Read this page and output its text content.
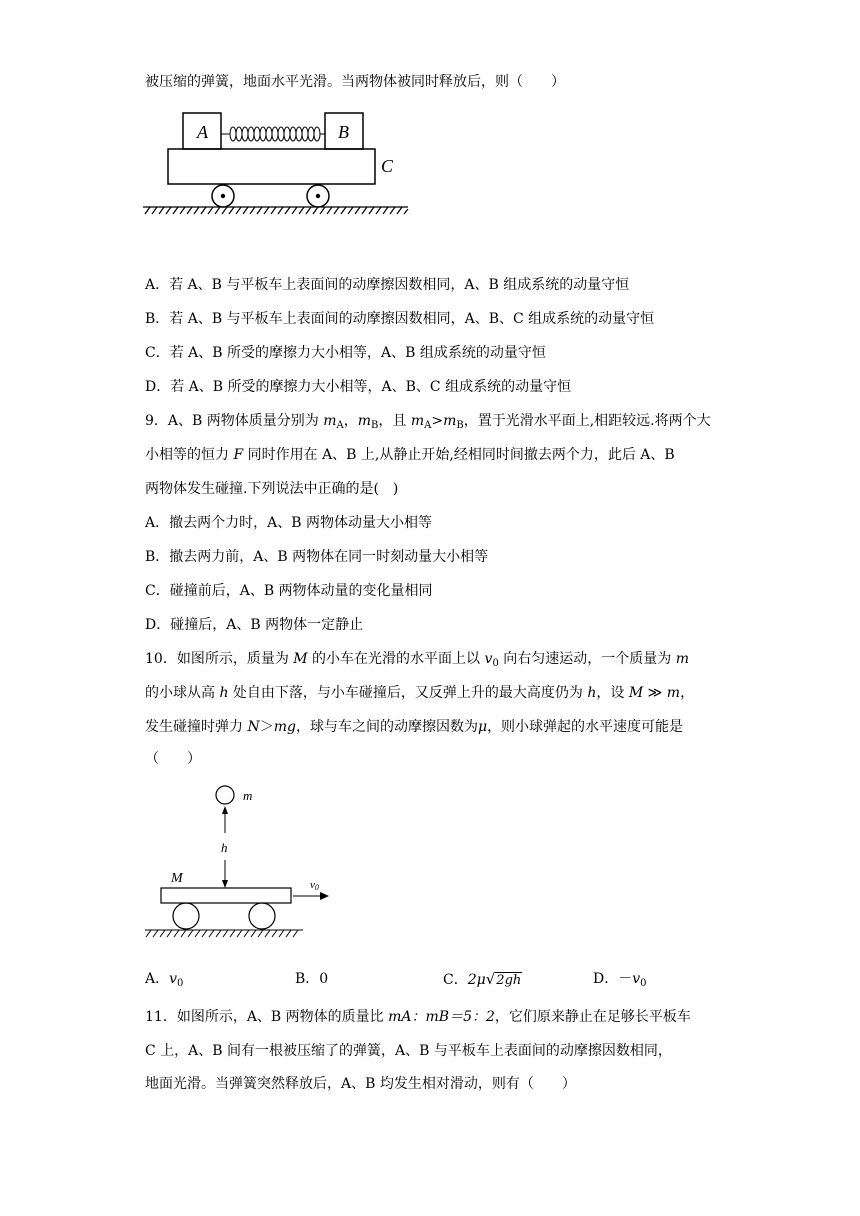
被压缩的弹簧，地面水平光滑。当两物体被同时释放后，则（　　）
A	B
C
A．若 A、B 与平板车上表面间的动摩擦因数相同，A、B 组成系统的动量守恒
B．若 A、B 与平板车上表面间的动摩擦因数相同，A、B、C 组成系统的动量守恒
C．若 A、B 所受的摩擦力大小相等，A、B 组成系统的动量守恒
D．若 A、B 所受的摩擦力大小相等，A、B、C 组成系统的动量守恒
9．A、B 两物体质量分别为 $m_A$，$m_B$，且 $m_A>m_B$，置于光滑水平面上,相距较远.将两个大
小相等的恒力 F 同时作用在 A、B 上,从静止开始,经相同时间撤去两个力，此后 A、B
两物体发生碰撞.下列说法中正确的是(　)
A．撤去两个力时，A、B 两物体动量大小相等
B．撤去两力前，A、B 两物体在同一时刻动量大小相等
C．碰撞前后，A、B 两物体动量的变化量相同
D．碰撞后，A、B 两物体一定静止
10．如图所示，质量为 M 的小车在光滑的水平面上以 $v_0$ 向右匀速运动，一个质量为 m
的小球从高 h 处自由下落，与小车碰撞后，又反弹上升的最大高度仍为 h，设 M ≫ m，
发生碰撞时弹力 N＞mg，球与车之间的动摩擦因数为μ，则小球弹起的水平速度可能是
（　　）
m
h
M	v0
A．$v_0$	B．0	C．2μ√2gh	D．$-v_0$
11．如图所示，A、B 两物体的质量比 mA：mB＝5：2，它们原来静止在足够长平板车
C 上，A、B 间有一根被压缩了的弹簧，A、B 与平板车上表面间的动摩擦因数相同，
地面光滑。当弹簧突然释放后，A、B 均发生相对滑动，则有（　　）
